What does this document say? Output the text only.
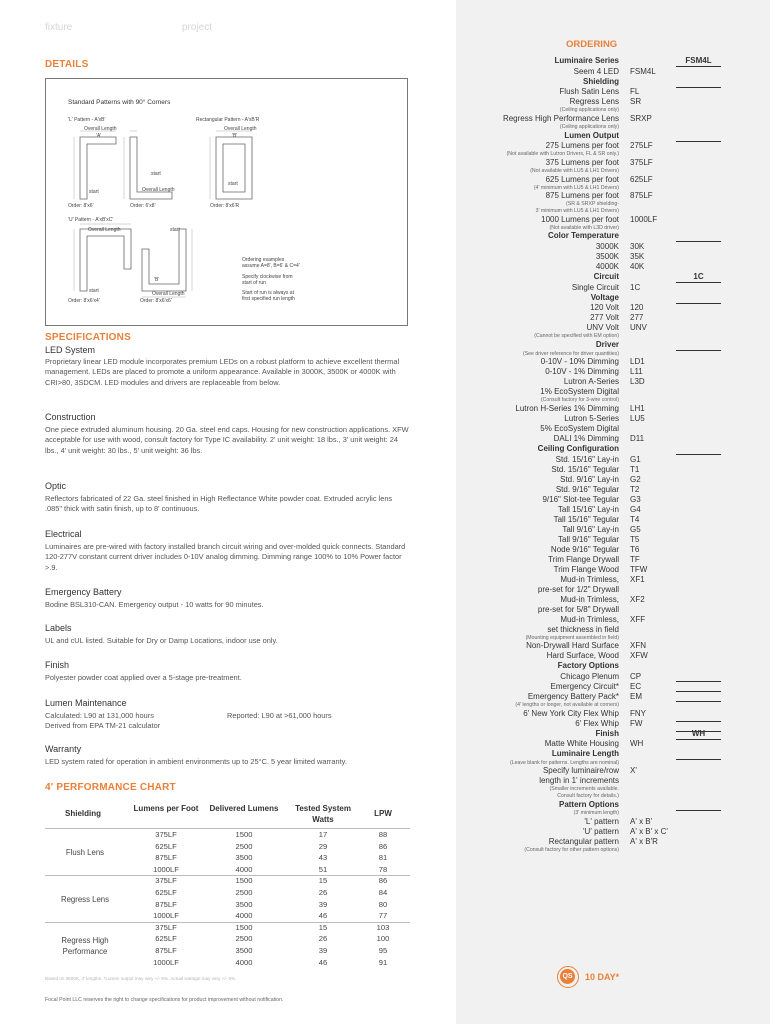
fixture	project
DETAILS
Standard Patterns with 90° Corners
'L' Pattern - A'xB'	Rectangular Pattern - A'xB'R
Overall Length	Overall Length
'A'	'B'
start
start
start
Overall Length
Order: 8'x6'	Order: 6'x8'	Order: 8'x6'R
'U' Pattern - A'xB'xC'
Overall Length	start
'B'
Overall Length
start
Order: 8'x6'x4'	Order: 8'x6'x6'
Ordering examples assume A=8', B=6' & C=4'
Specify clockwise from start of run
Start of run is always at first specified run length
SPECIFICATIONS
LED System
Proprietary linear LED module incorporates premium LEDs on a robust platform to achieve excellent thermal management. LEDs are placed to promote a uniform appearance. Available in 3000K, 3500K or 4000K with CRI>80, 3SDCM. LED modules and drivers are replaceable from below.
Construction
One piece extruded aluminum housing. 20 Ga. steel end caps. Housing for new construction applications. XFW acceptable for use with wood, consult factory for Type IC availability. 2' unit weight: 18 lbs., 3' unit weight: 24 lbs., 4' unit weight: 30 lbs., 5' unit weight: 36 lbs.
Optic
Reflectors fabricated of 22 Ga. steel finished in High Reflectance White powder coat. Extruded acrylic lens .085" thick with satin finish, up to 8' continuous.
Electrical
Luminaires are pre-wired with factory installed branch circuit wiring and over-molded quick connects. Standard 120-277V constant current driver includes 0-10V analog dimming. Dimming range 100% to 10% Power factor >.9.
Emergency Battery
Bodine BSL310-CAN. Emergency output - 10 watts for 90 minutes.
Labels
UL and cUL listed. Suitable for Dry or Damp Locations, indoor use only.
Finish
Polyester powder coat applied over a 5-stage pre-treatment.
Lumen Maintenance
Calculated: L90 at 131,000 hours	Reported: L90 at >61,000 hours
Derived from EPA TM-21 calculator
Warranty
LED system rated for operation in ambient environments up to 25°C. 5 year limited warranty.
4' PERFORMANCE CHART
Shielding
Lumens per Foot	Delivered Lumens	Tested System Watts
LPW
Flush Lens
375LF	1500	17	88
625LF	2500	29	86
875LF	3500	43	81
1000LF	4000	51	78
Regress Lens
375LF	1500	15	86
625LF	2500	26	84
875LF	3500	39	80
1000LF	4000	46	77
Regress High Performance
375LF	1500	15	103
625LF	2500	26	100
875LF	3500	39	95
1000LF	4000	46	91
Based on 3500K, 4' lengths. *Lumen output may vary +/- 5%. Actual wattage may vary +/- 5%.
Focal Point LLC reserves the right to change specifications for product improvement without notification.
ORDERING
Luminaire Series
Seem 4 LED FSM4L
Shielding
Flush Satin Lens FL
Regress Lens SR
(Ceiling applications only)
Regress High Performance Lens SRXP
(Ceiling applications only)
Lumen Output
275 Lumens per foot 275LF
(Not available with Lutron Drivers, FL & SR only.)
375 Lumens per foot 375LF
(Not available with LU5 & LH1 Drivers)
625 Lumens per foot 625LF
(4' minimum with LU5 & LH1 Drivers)
875 Lumens per foot 875LF
(SR & SRXP shielding-
3' minimum with LU5 & LH1 Drivers)
1000 Lumens per foot 1000LF
(Not available with L3D driver)
Color Temperature
3000K 30K
3500K 35K
4000K 40K
Circuit
Single Circuit 1C
Voltage
120 Volt 120
277 Volt 277
UNV Volt UNV
(Cannot be specified with EM option)
Driver
(See driver reference for driver quantities)
0-10V - 10% Dimming LD1
0-10V - 1% Dimming L11
Lutron A-Series L3D
1% EcoSystem Digital
(Consult factory for 3-wire control)
Lutron H-Series 1% Dimming LH1
Lutron 5-Series LU5
5% EcoSystem Digital
DALI 1% Dimming D11
Ceiling Configuration
Std. 15/16" Lay-in G1
Std. 15/16" Tegular T1
Std. 9/16" Lay-in G2
Std. 9/16" Tegular T2
9/16" Slot-tee Tegular G3
Tall 15/16" Lay-in G4
Tall 15/16" Tegular T4
Tall 9/16" Lay-in G5
Tall 9/16" Tegular T5
Node 9/16" Tegular T6
Trim Flange Drywall TF
Trim Flange Wood TFW
Mud-in Trimless, XF1
pre-set for 1/2" Drywall
Mud-in Trimless, XF2
pre-set for 5/8" Drywall
Mud-in Trimless, XFF
set thickness in field
(Mounting equipment assembled in field)
Non-Drywall Hard Surface XFN
Hard Surface, Wood XFW
Factory Options
Chicago Plenum CP
Emergency Circuit* EC
Emergency Battery Pack* EM
(4' lengths or longer, not available at corners)
6' New York City Flex Whip FNY
6' Flex Whip FW
Finish
Matte White Housing WH
Luminaire Length
(Leave blank for patterns. Lengths are nominal)
Specify luminaire/row X'
length in 1' increments
(Smaller increments available.
Consult factory for details.)
Pattern Options
(3' minimum length)
'L' pattern A' x B'
'U' pattern A' x B' x C'
Rectangular pattern A' x B'R
(Consult factory for other pattern options)
FSM4L
1C
WH
QS 10 DAY*
